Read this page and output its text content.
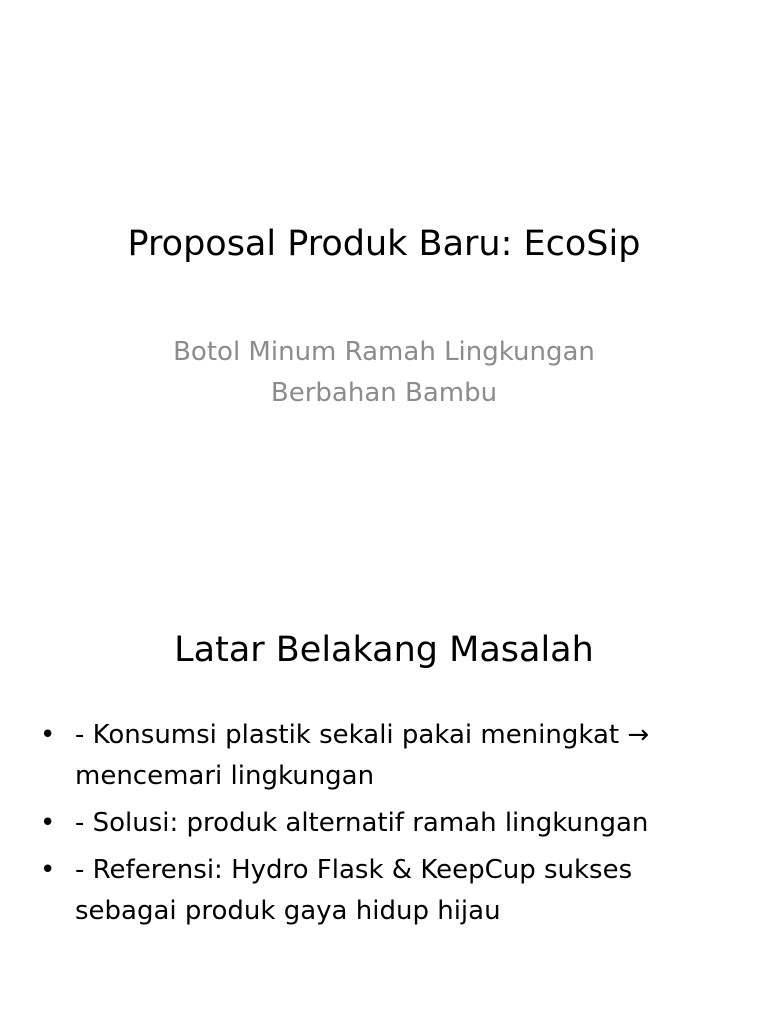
Proposal Produk Baru: EcoSip

Botol Minum Ramah Lingkungan
Berbahan Bambu

Latar Belakang Masalah
• - Konsumsi plastik sekali pakai meningkat → mencemari lingkungan
• - Solusi: produk alternatif ramah lingkungan
• - Referensi: Hydro Flask & KeepCup sukses sebagai produk gaya hidup hijau
